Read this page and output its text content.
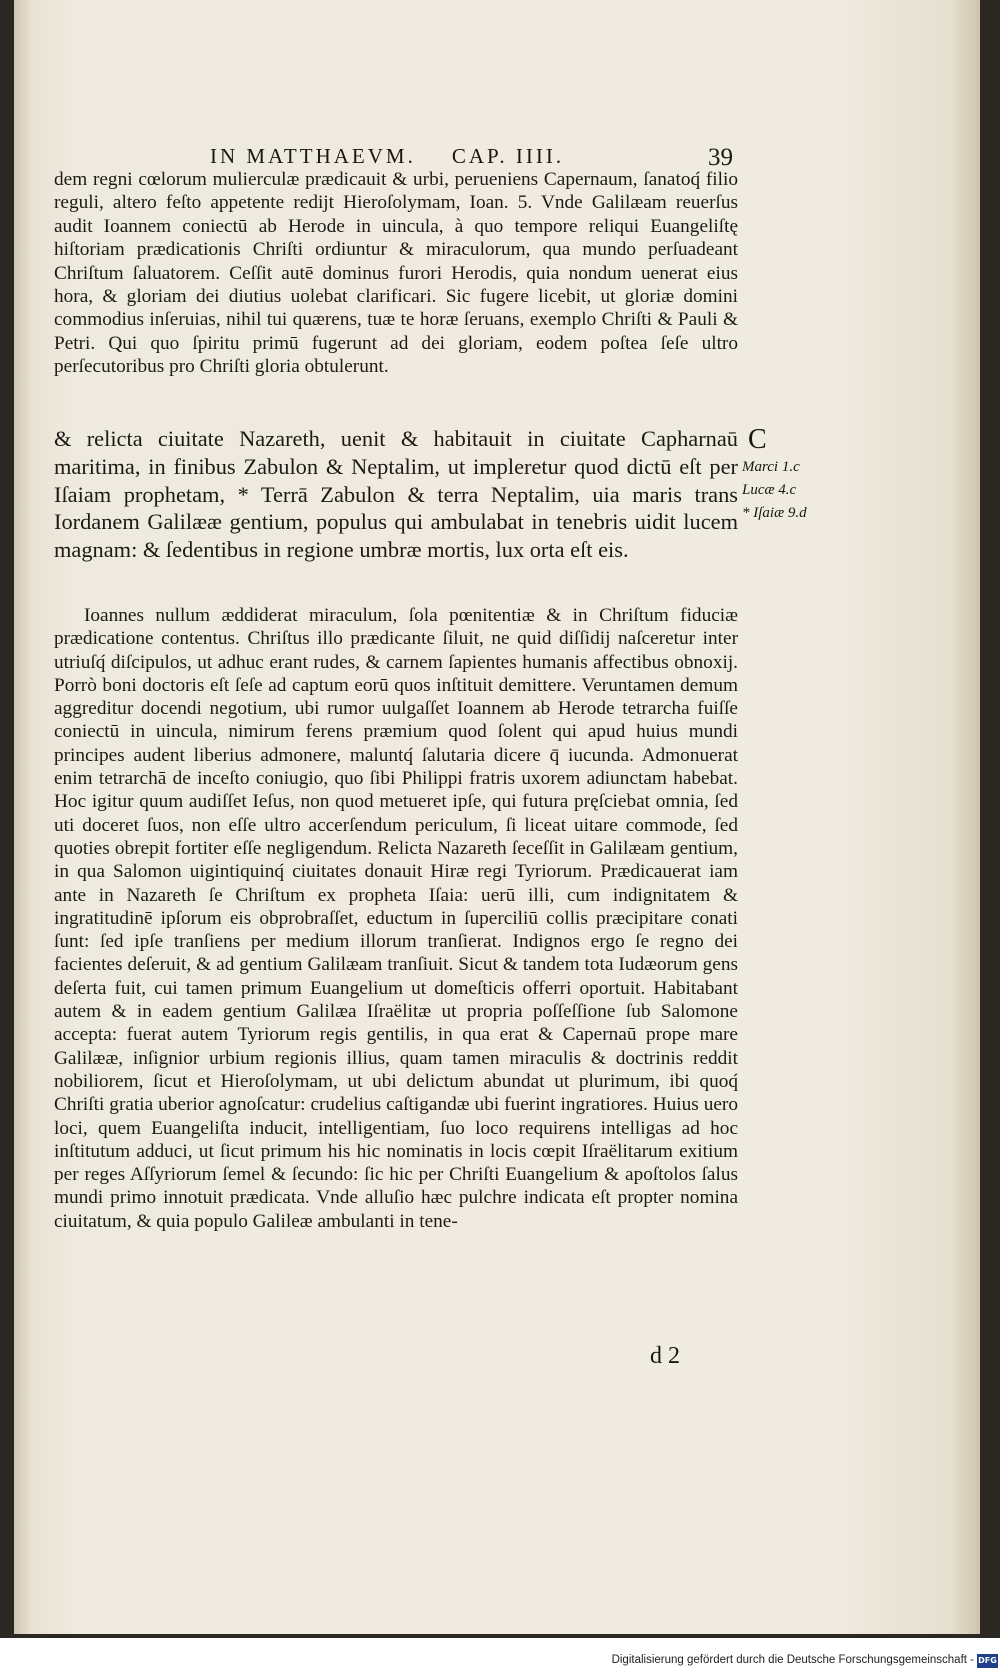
IN MATTHAEVM. CAP. IIII.	39
dem regni cœlorum mulierculæ prædicauit & urbi, perueniens Capernaum, ſanatoq́ filio reguli, altero feſto appetente rediјt Hieroſolymam, Ioan. 5. Vnde Galilæam reuerſus audit Ioannem coniectū ab Herode in uincula, à quo tempore reliqui Euangeliſtę hiſtoriam prædicationis Chriſti ordiuntur & miraculorum, qua mundo perſuadeant Chriſtum ſaluatorem. Ceſſit autē dominus furori Herodis, quia nondum uenerat eius hora, & gloriam dei diutius uolebat clarificari. Sic fugere licebit, ut gloriæ domini commodius inſeruias, nihil tui quærens, tuæ te horæ ſeruans, exemplo Chriſti & Pauli & Petri. Qui quo ſpiritu primū fugerunt ad dei gloriam, eodem poſtea ſeſe ultro perſecutoribus pro Chriſti gloria obtulerunt.
& relicta ciuitate Nazareth, uenit & habitauit in ciuitate Capharnaū maritima, in finibus Zabulon & Neptalim, ut impleretur quod dictū eſt per Iſaiam prophetam, * Terrā Zabulon & terra Neptalim, uia maris trans Iordanem Galilææ gentium, populus qui ambulabat in tenebris uidit lucem magnam: & ſedentibus in regione umbræ mortis, lux orta eſt eis.
Ioannes nullum æddiderat miraculum, ſola pœnitentiæ & in Chriſtum fiduciæ prædicatione contentus. Chriſtus illo prædicante ſiluit, ne quid diſſidiј naſceretur inter utriuſq́ diſcipulos, ut adhuc erant rudes, & carnem ſapientes humanis affectibus obnoxiј. Porrò boni doctoris eſt ſeſe ad captum eorū quos inſtituit demittere. Veruntamen demum aggreditur docendi negotium, ubi rumor uulgaſſet Ioannem ab Herode tetrarcha fuiſſe coniectū in uincula, nimirum ferens præmium quod ſolent qui apud huius mundi principes audent liberius admonere, maluntq́ ſalutaria dicere q̄ iucunda. Admonuerat enim tetrarchā de inceſto coniugio, quo ſibi Philippi fratris uxorem adiunctam habebat. Hoc igitur quum audiſſet Ieſus, non quod metueret ipſe, qui futura pręſciebat omnia, ſed uti doceret ſuos, non eſſe ultro accerſendum periculum, ſi liceat uitare commode, ſed quoties obrepit fortiter eſſe negligendum. Relicta Nazareth ſeceſſit in Galilæam gentium, in qua Salomon uigintiquinq́ ciuitates donauit Hiræ regi Tyriorum. Prædicauerat iam ante in Nazareth ſe Chriſtum ex propheta Iſaia: uerū illi, cum indignitatem & ingratitudinē ipſorum eis obprobraſſet, eductum in ſuperciliū collis præcipitare conati ſunt: ſed ipſe tranſiens per medium illorum tranſierat. Indignos ergo ſe regno dei facientes deſeruit, & ad gentium Galilæam tranſiuit. Sicut & tandem tota Iudæorum gens deſerta fuit, cui tamen primum Euangelium ut domeſticis offerri oportuit. Habitabant autem & in eadem gentium Galilæa Iſraëlitæ ut propria poſſeſſione ſub Salomone accepta: fuerat autem Tyriorum regis gentilis, in qua erat & Capernaū prope mare Galilææ, inſignior urbium regionis illius, quam tamen miraculis & doctrinis reddit nobiliorem, ſicut et Hieroſolymam, ut ubi delictum abundat ut plurimum, ibi quoq́ Chriſti gratia uberior agnoſcatur: crudelius caſtigandæ ubi fuerint ingratiores. Huius uero loci, quem Euangeliſta inducit, intelligentiam, ſuo loco requirens intelligas ad hoc inſtitutum adduci, ut ſicut primum his hic nominatis in locis cœpit Iſraëlitarum exitium per reges Aſſyriorum ſemel & ſecundo: ſic hic per Chriſti Euangelium & apoſtolos ſalus mundi primo innotuit prædicata. Vnde alluſio hæc pulchre indicata eſt propter nomina ciuitatum, & quia populo Galileæ ambulanti in tene-
C
Marci 1.c
Lucæ 4.c
* Iſaiæ 9.d
d 2
Digitalisierung gefördert durch die Deutsche Forschungsgemeinschaft - DFG
